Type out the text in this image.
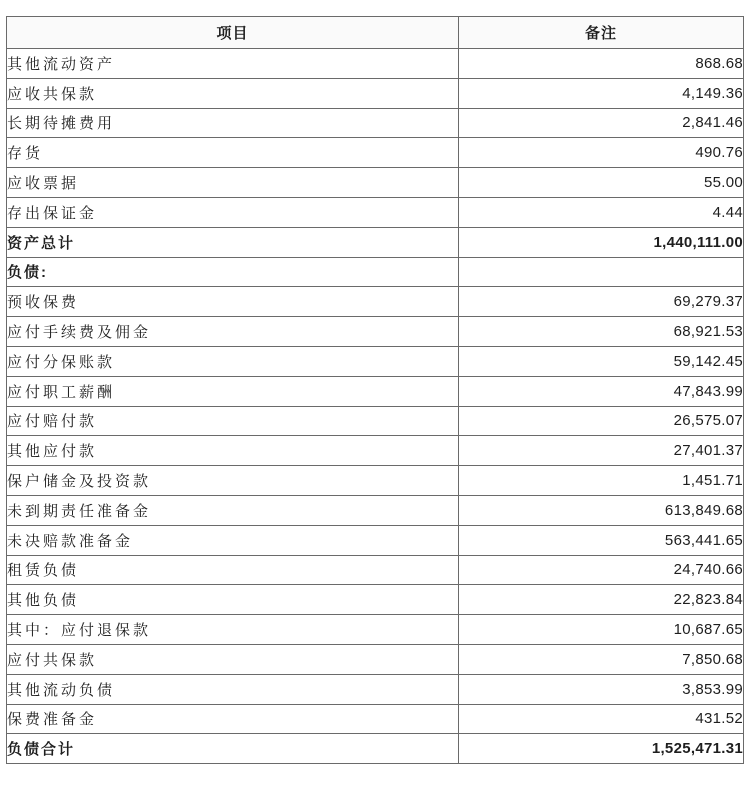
项目	备注
其他流动资产	868.68
应收共保款	4,149.36
长期待摊费用	2,841.46
存货	490.76
应收票据	55.00
存出保证金	4.44
资产总计	1,440,111.00
负债:	
预收保费	69,279.37
应付手续费及佣金	68,921.53
应付分保账款	59,142.45
应付职工薪酬	47,843.99
应付赔付款	26,575.07
其他应付款	27,401.37
保户储金及投资款	1,451.71
未到期责任准备金	613,849.68
未决赔款准备金	563,441.65
租赁负债	24,740.66
其他负债	22,823.84
其中：应付退保款	10,687.65
应付共保款	7,850.68
其他流动负债	3,853.99
保费准备金	431.52
负债合计	1,525,471.31
